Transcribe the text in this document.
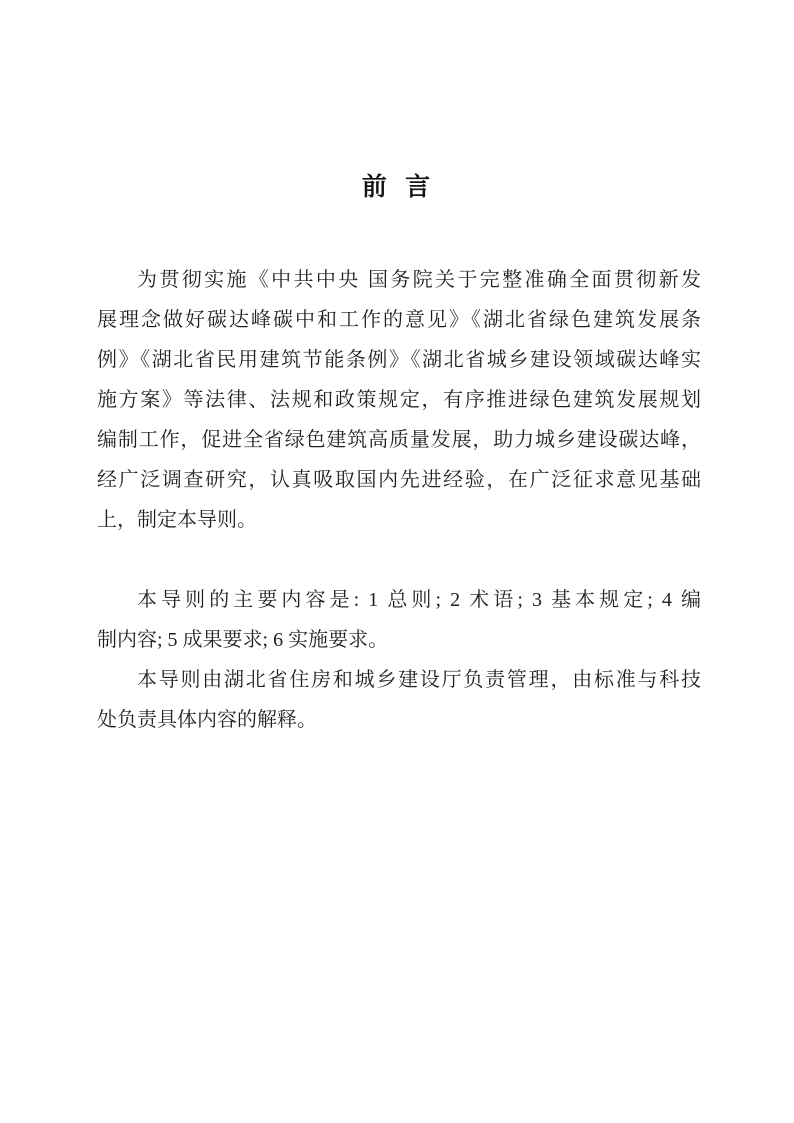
前 言
为贯彻实施《中共中央 国务院关于完整准确全面贯彻新发
展理念做好碳达峰碳中和工作的意见》《湖北省绿色建筑发展条
例》《湖北省民用建筑节能条例》《湖北省城乡建设领域碳达峰实
施方案》等法律、法规和政策规定，有序推进绿色建筑发展规划
编制工作，促进全省绿色建筑高质量发展，助力城乡建设碳达峰，
经广泛调查研究，认真吸取国内先进经验，在广泛征求意见基础
上，制定本导则。
本导则的主要内容是: 1 总则; 2 术语; 3 基本规定; 4 编
制内容; 5 成果要求; 6 实施要求。
本导则由湖北省住房和城乡建设厅负责管理，由标准与科技
处负责具体内容的解释。
